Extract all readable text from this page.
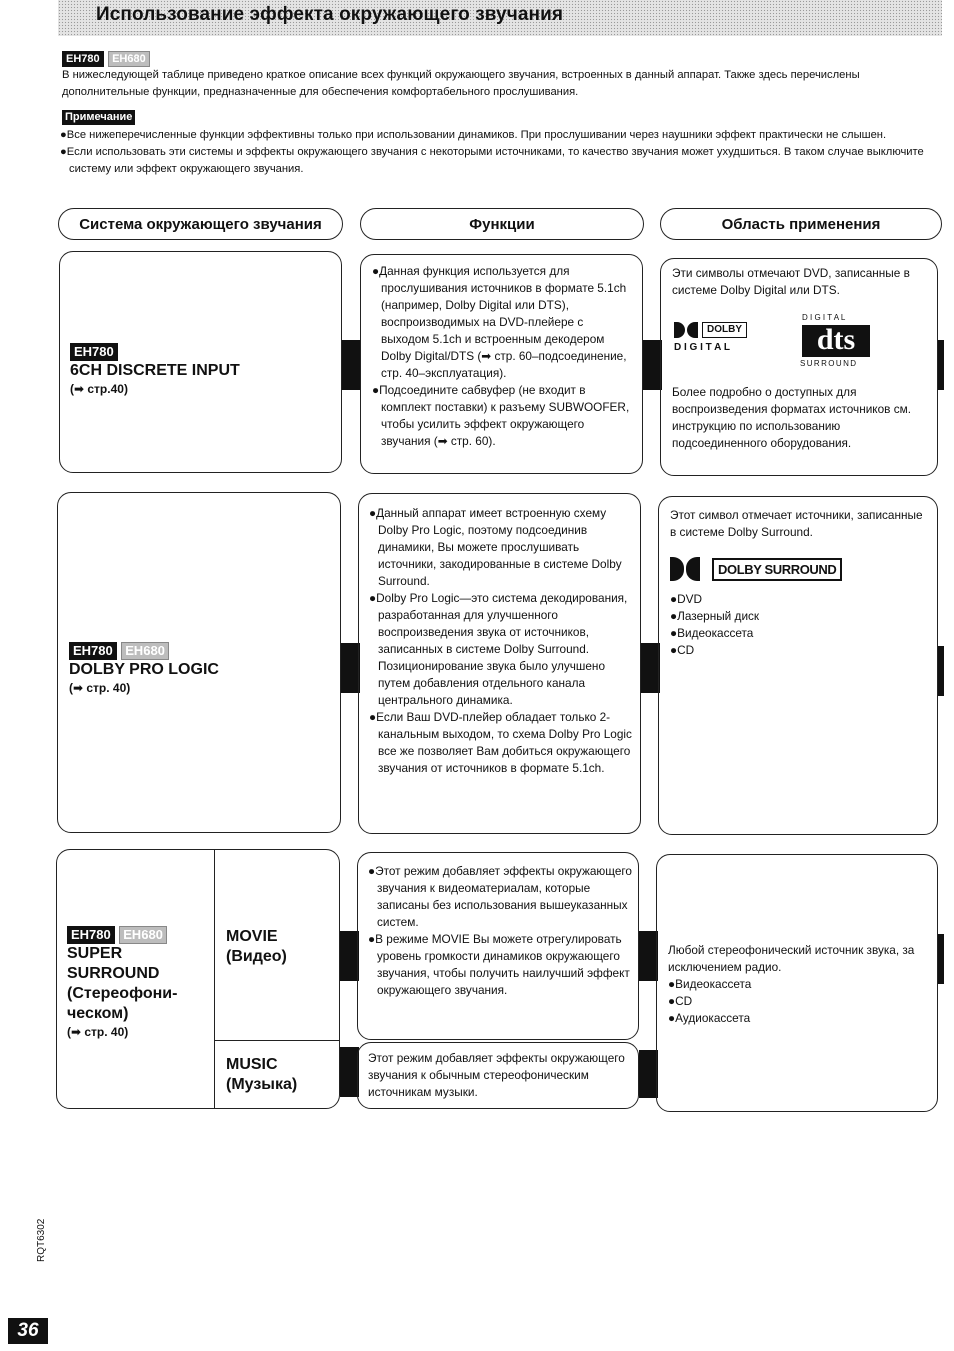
Использование эффекта окружающего звучания
EH780 EH680
В нижеследующей таблице приведено краткое описание всех функций окружающего звучания, встроенных в данный аппарат. Также здесь перечислены дополнительные функции, предназначенные для обеспечения комфортабельного прослушивания.
Примечание

●Все нижеперечисленные функции эффективны только при использовании динамиков. При прослушивании через наушники эффект практически не слышен.

●Если использовать эти системы и эффекты окружающего звучания с некоторыми источниками, то качество звучания может ухудшиться. В таком случае выключите систему или эффект окружающего звучания.

Система окружающего звучания	Функции	Область применения
EH780
6CH DISCRETE INPUT
(➡ стр.40)

●Данная функция используется для прослушивания источников в формате 5.1ch (например, Dolby Digital или DTS), воспроизводимых на DVD-плейере с выходом 5.1ch и встроенным декодером Dolby Digital/DTS (➡ стр. 60–подсоединение, стр. 40–эксплуатация).

●Подсоедините сабвуфер (не входит в комплект поставки) к разъему SUBWOOFER, чтобы усилить эффект окружающего звучания (➡ стр. 60).

Эти символы отмечают DVD, записанные в системе Dolby Digital или DTS.
DOLBY
D I G I T A L
D I G I T A L
dts
SURROUND
Более подробно о доступных для воспроизведения форматах источников см. инструкцию по использованию подсоединенного оборудования.
EH780 EH680
DOLBY PRO LOGIC
(➡ стр. 40)

●Данный аппарат имеет встроенную схему Dolby Pro Logic, поэтому подсоединив динамики, Вы можете прослушивать источники, закодированные в системе Dolby Surround.

●Dolby Pro Logic—это система декодирования, разработанная для улучшенного воспроизведения звука от источников, записанных в системе Dolby Surround. Позиционирование звука было улучшено путем добавления отдельного канала центрального динамика.

●Если Ваш DVD-плейер обладает только 2-канальным выходом, то схема Dolby Pro Logic все же позволяет Вам добиться окружающего звучания от источников в формате 5.1ch.

Этот символ отмечает источники, записанные в системе Dolby Surround.
DOLBY SURROUND
●DVD
●Лазерный диск
●Видеокассета
●CD
EH780 EH680
SUPER
SURROUND
(Стереофони-
ческом)
(➡ стр. 40)
MOVIE
(Видео)
MUSIC
(Музыка)

●Этот режим добавляет эффекты окружающего звучания к видеоматериалам, которые записаны без использования вышеуказанных систем.

●В режиме MOVIE Вы можете отрегулировать уровень громкости динамиков окружающего звучания, чтобы получить наилучший эффект окружающего звучания.

Этот режим добавляет эффекты окружающего звучания к обычным стереофоническим источникам музыки.
Любой стереофонический источник звука, за исключением радио.
●Видеокассета
●CD
●Аудиокассета
RQT6302
36
